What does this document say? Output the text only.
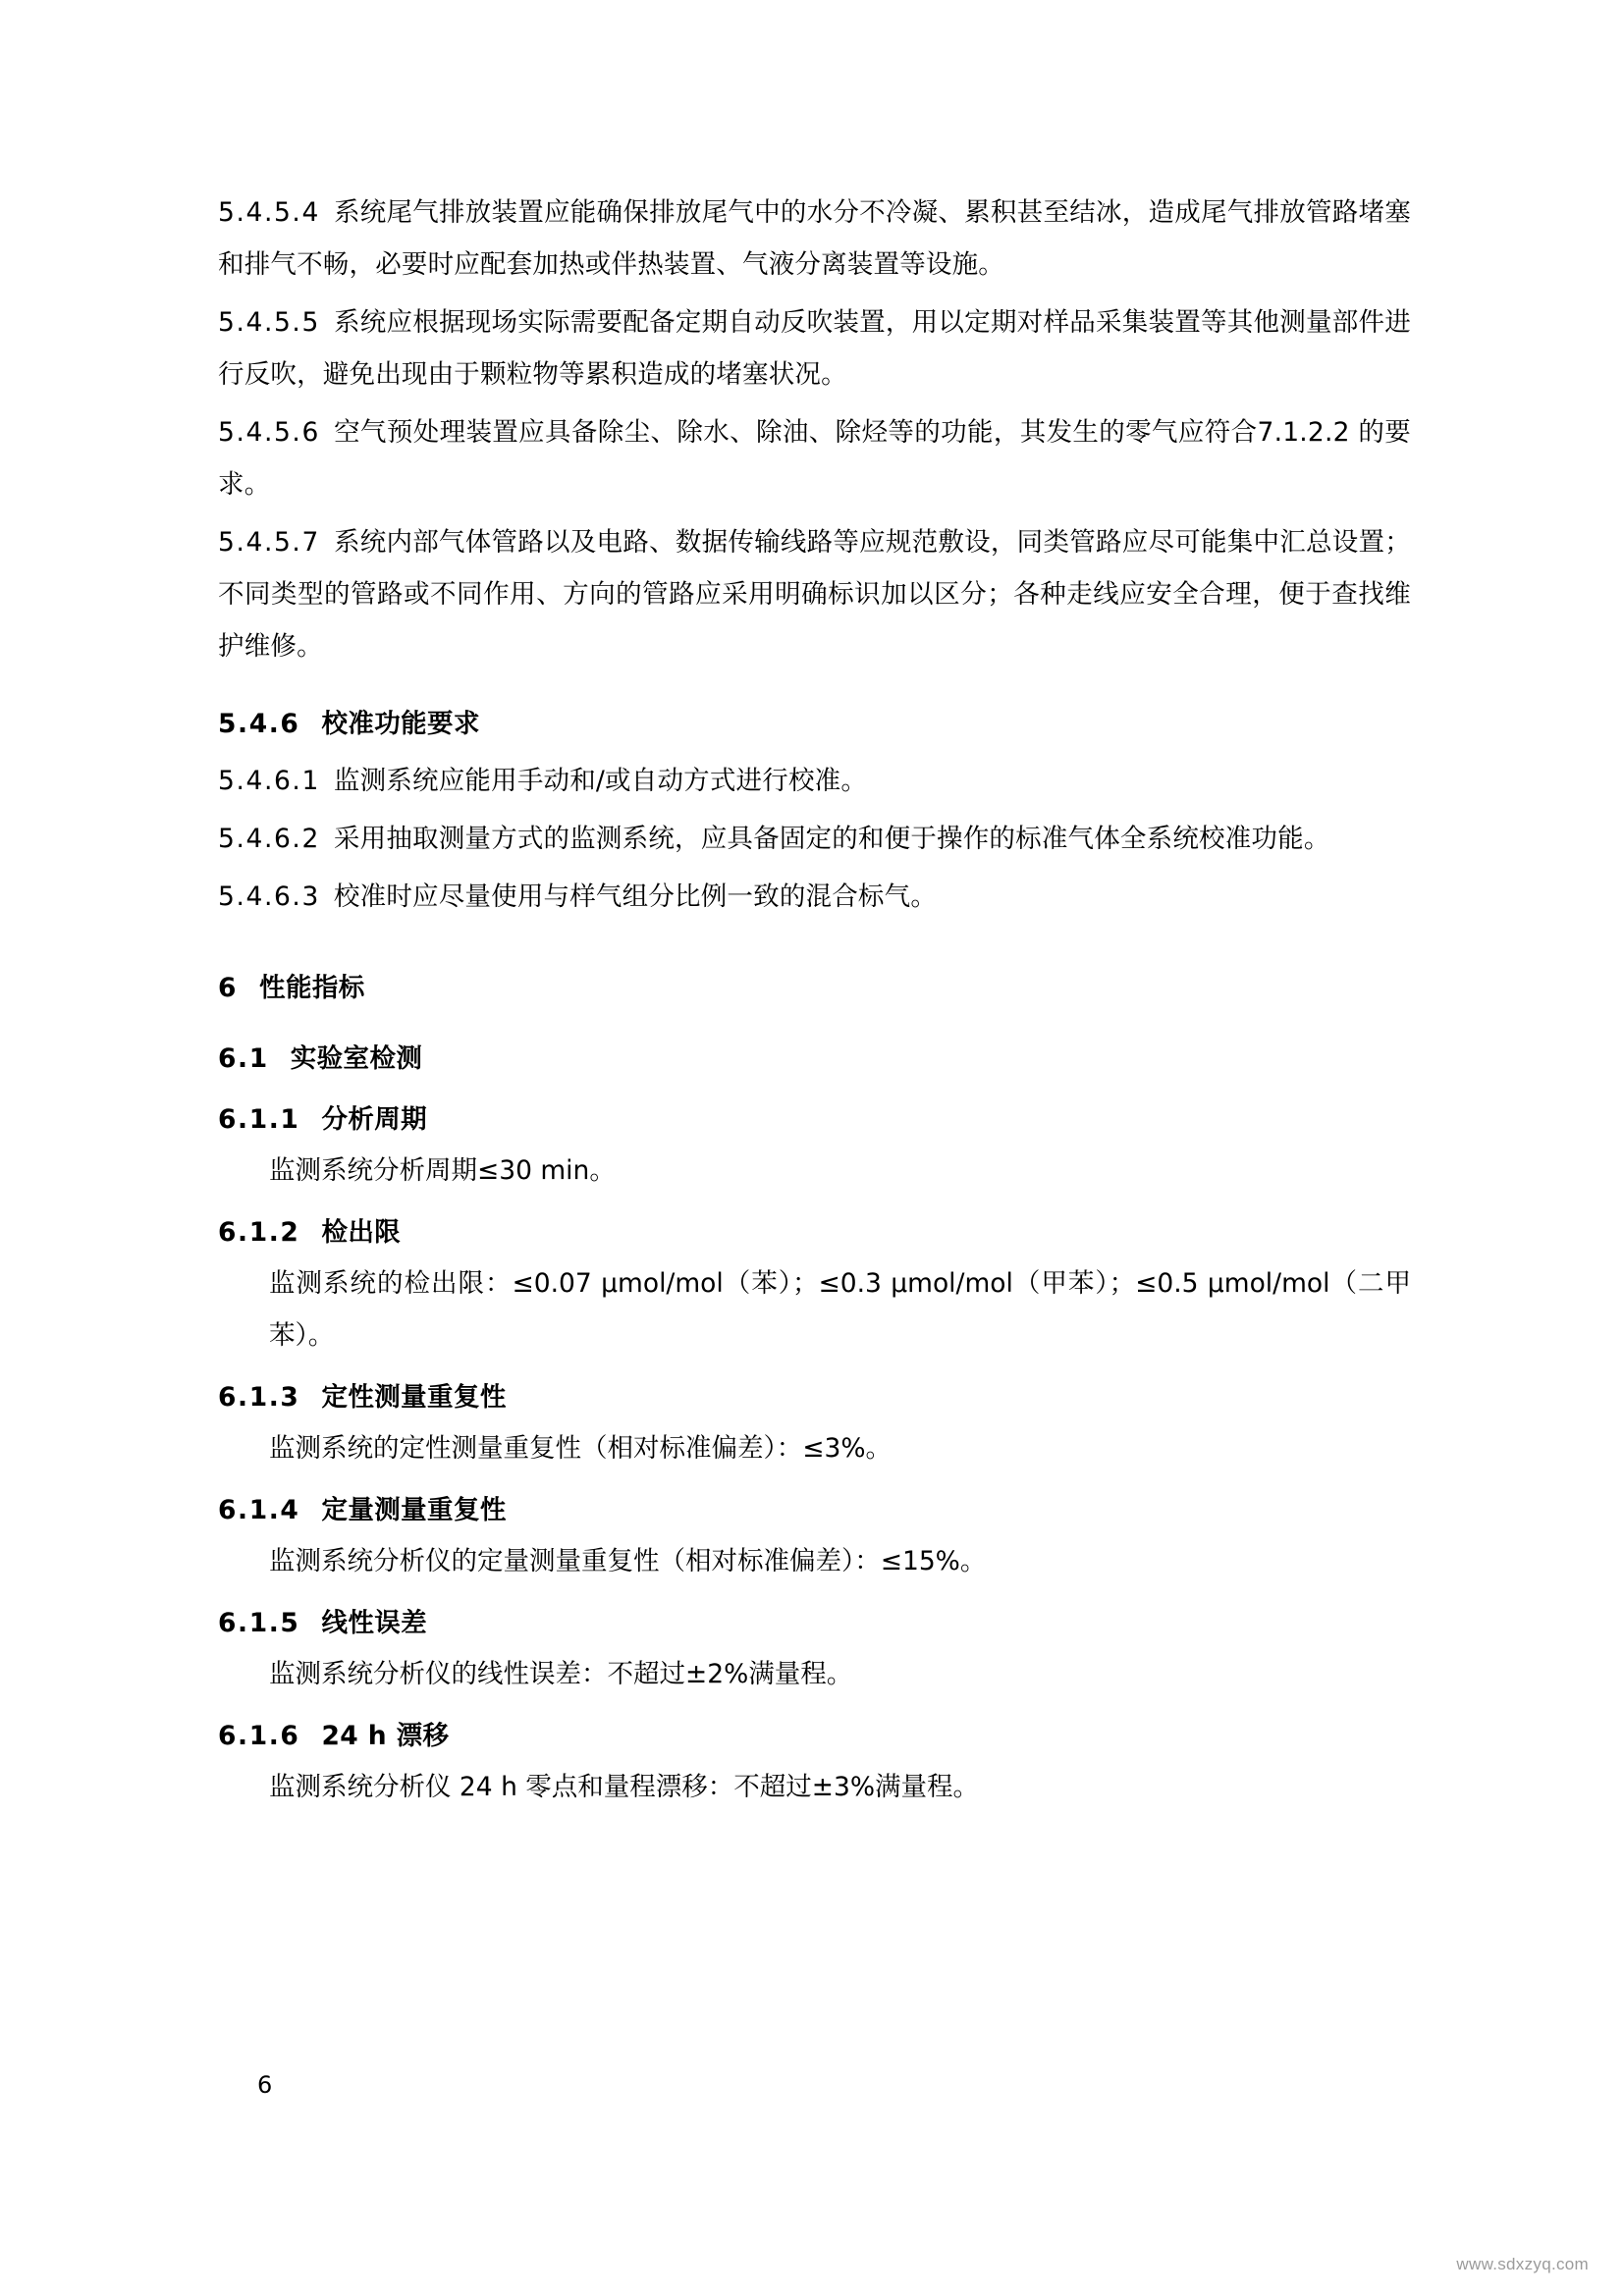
5.4.5.4 系统尾气排放装置应能确保排放尾气中的水分不冷凝、累积甚至结冰，造成尾气排放管路堵塞和排气不畅，必要时应配套加热或伴热装置、气液分离装置等设施。

5.4.5.5 系统应根据现场实际需要配备定期自动反吹装置，用以定期对样品采集装置等其他测量部件进行反吹，避免出现由于颗粒物等累积造成的堵塞状况。

5.4.5.6 空气预处理装置应具备除尘、除水、除油、除烃等的功能，其发生的零气应符合7.1.2.2 的要求。

5.4.5.7 系统内部气体管路以及电路、数据传输线路等应规范敷设，同类管路应尽可能集中汇总设置；不同类型的管路或不同作用、方向的管路应采用明确标识加以区分；各种走线应安全合理，便于查找维护维修。

5.4.6 校准功能要求

5.4.6.1 监测系统应能用手动和/或自动方式进行校准。

5.4.6.2 采用抽取测量方式的监测系统，应具备固定的和便于操作的标准气体全系统校准功能。

5.4.6.3 校准时应尽量使用与样气组分比例一致的混合标气。

6 性能指标

6.1 实验室检测

6.1.1 分析周期

监测系统分析周期≤30 min。

6.1.2 检出限

监测系统的检出限：≤0.07 μmol/mol（苯）；≤0.3 μmol/mol（甲苯）；≤0.5 μmol/mol（二甲苯）。

6.1.3 定性测量重复性

监测系统的定性测量重复性（相对标准偏差）：≤3%。

6.1.4 定量测量重复性

监测系统分析仪的定量测量重复性（相对标准偏差）：≤15%。

6.1.5 线性误差

监测系统分析仪的线性误差：不超过±2%满量程。

6.1.6 24 h 漂移

监测系统分析仪 24 h 零点和量程漂移：不超过±3%满量程。

6
www.sdxzyq.com
